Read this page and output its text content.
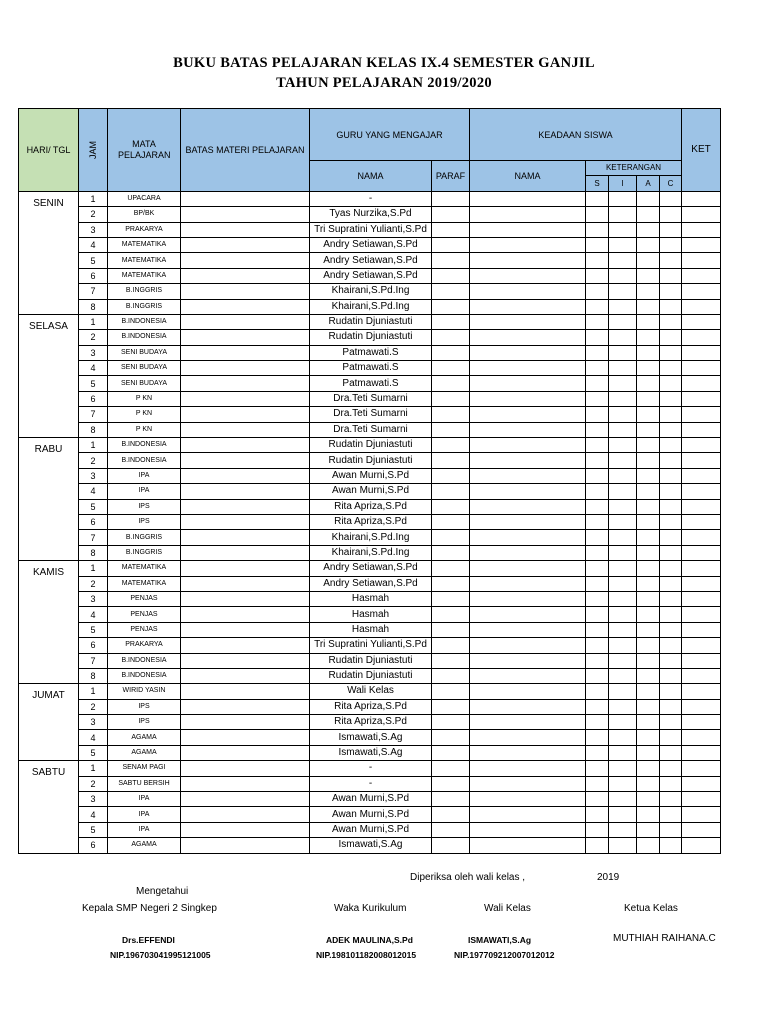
BUKU BATAS PELAJARAN KELAS IX.4 SEMESTER GANJIL
TAHUN PELAJARAN 2019/2020
HARI/ TGL	JAM	MATA PELAJARAN	BATAS MATERI PELAJARAN	GURU YANG MENGAJAR		KEADAAN SISWA					KET
				NAMA	PARAF	NAMA	KETERANGAN				
							S	I	A	C	
SENIN	1	UPACARA		-							
	2	BP/BK		Tyas Nurzika,S.Pd							
	3	PRAKARYA		Tri Supratini Yulianti,S.Pd							
	4	MATEMATIKA		Andry Setiawan,S.Pd							
	5	MATEMATIKA		Andry Setiawan,S.Pd							
	6	MATEMATIKA		Andry Setiawan,S.Pd							
	7	B.INGGRIS		Khairani,S.Pd.Ing							
	8	B.INGGRIS		Khairani,S.Pd.Ing							
SELASA	1	B.INDONESIA		Rudatin Djuniastuti							
	2	B.INDONESIA		Rudatin Djuniastuti							
	3	SENI BUDAYA		Patmawati.S							
	4	SENI BUDAYA		Patmawati.S							
	5	SENI BUDAYA		Patmawati.S							
	6	P KN		Dra.Teti Sumarni							
	7	P KN		Dra.Teti Sumarni							
	8	P KN		Dra.Teti Sumarni							
RABU	1	B.INDONESIA		Rudatin Djuniastuti							
	2	B.INDONESIA		Rudatin Djuniastuti							
	3	IPA		Awan Murni,S.Pd							
	4	IPA		Awan Murni,S.Pd							
	5	IPS		Rita Apriza,S.Pd							
	6	IPS		Rita Apriza,S.Pd							
	7	B.INGGRIS		Khairani,S.Pd.Ing							
	8	B.INGGRIS		Khairani,S.Pd.Ing							
KAMIS	1	MATEMATIKA		Andry Setiawan,S.Pd							
	2	MATEMATIKA		Andry Setiawan,S.Pd							
	3	PENJAS		Hasmah							
	4	PENJAS		Hasmah							
	5	PENJAS		Hasmah							
	6	PRAKARYA		Tri Supratini Yulianti,S.Pd							
	7	B.INDONESIA		Rudatin Djuniastuti							
	8	B.INDONESIA		Rudatin Djuniastuti							
JUMAT	1	WIRID YASIN		Wali Kelas							
	2	IPS		Rita Apriza,S.Pd							
	3	IPS		Rita Apriza,S.Pd							
	4	AGAMA		Ismawati,S.Ag							
	5	AGAMA		Ismawati,S.Ag							
SABTU	1	SENAM PAGI		-							
	2	SABTU BERSIH		-							
	3	IPA		Awan Murni,S.Pd							
	4	IPA		Awan Murni,S.Pd							
	5	IPA		Awan Murni,S.Pd							
	6	AGAMA		Ismawati,S.Ag							
Diperiksa oleh wali kelas ,	2019
Mengetahui
Kepala SMP Negeri 2 Singkep	Waka Kurikulum	Wali Kelas	Ketua Kelas
Drs.EFFENDI	ADEK MAULINA,S.Pd	ISMAWATI,S.Ag	MUTHIAH RAIHANA.C
NIP.196703041995121005	NIP.198101182008012015	NIP.197709212007012012
